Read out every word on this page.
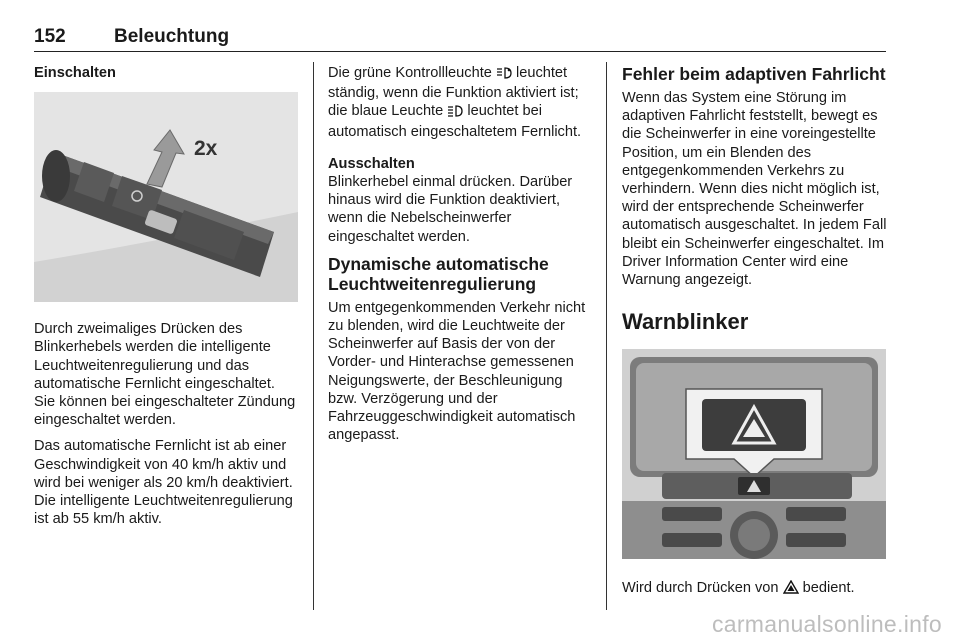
152	Beleuchtung
Einschalten
2x

Durch zweimaliges Drücken des Blinkerhebels werden die intelligente Leuchtweitenregulierung und das automatische Fernlicht eingeschaltet. Sie können bei eingeschalteter Zündung eingeschaltet werden.

Das automatische Fernlicht ist ab einer Geschwindigkeit von 40 km/h aktiv und wird bei weniger als 20 km/h deaktiviert. Die intelligente Leuchtweitenregulierung ist ab 55 km/h aktiv.

Die grüne Kontrollleuchte  leuchtet ständig, wenn die Funktion aktiviert ist; die blaue Leuchte  leuchtet bei automatisch eingeschaltetem Fernlicht.

Ausschalten

Blinkerhebel einmal drücken. Darüber hinaus wird die Funktion deaktiviert, wenn die Nebelscheinwerfer eingeschaltet werden.

Dynamische automatische Leuchtweitenregulierung

Um entgegenkommenden Verkehr nicht zu blenden, wird die Leuchtweite der Scheinwerfer auf Basis der von der Vorder- und Hinterachse gemessenen Neigungswerte, der Beschleunigung bzw. Verzögerung und der Fahrzeuggeschwindigkeit automatisch angepasst.

Fehler beim adaptiven Fahrlicht

Wenn das System eine Störung im adaptiven Fahrlicht feststellt, bewegt es die Scheinwerfer in eine voreingestellte Position, um ein Blenden des entgegenkommenden Verkehrs zu verhindern. Wenn dies nicht möglich ist, wird der entsprechende Scheinwerfer automatisch ausgeschaltet. In jedem Fall bleibt ein Scheinwerfer eingeschaltet. Im Driver Information Center wird eine Warnung angezeigt.

Warnblinker

Wird durch Drücken von  bedient.

carmanualsonline.info
